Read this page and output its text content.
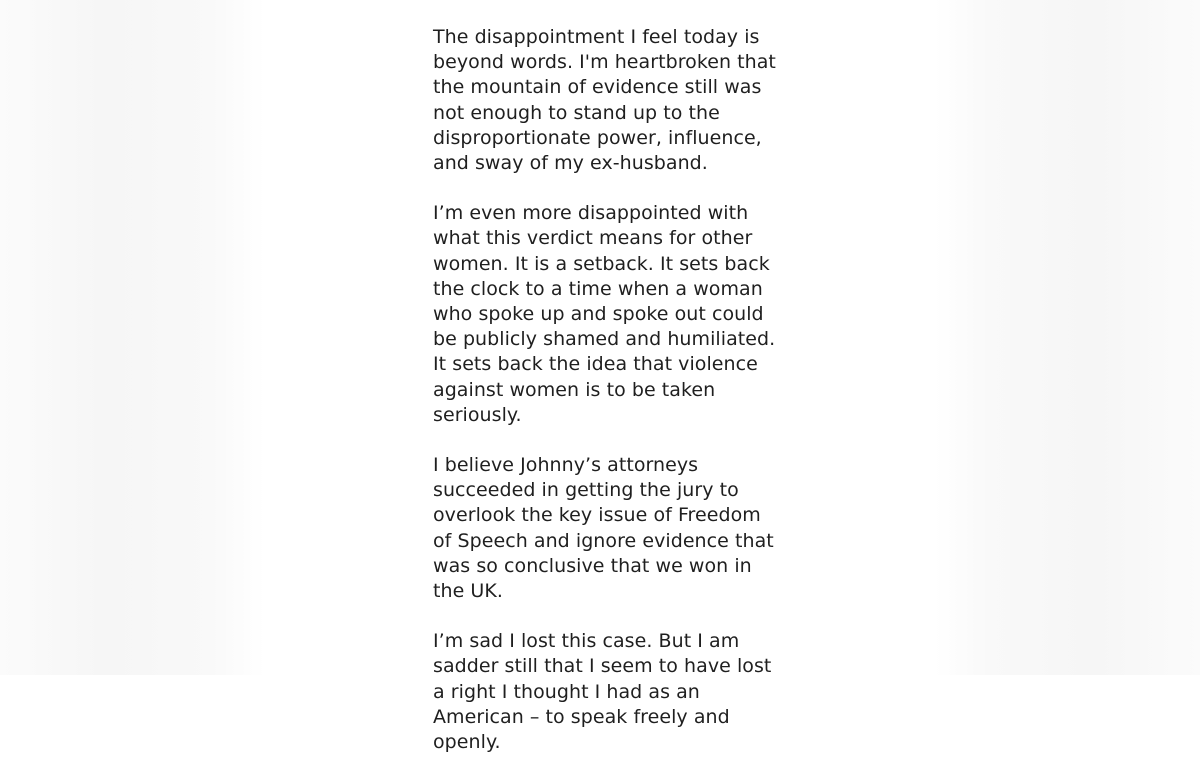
The disappointment I feel today is beyond words. I'm heartbroken that the mountain of evidence still was not enough to stand up to the disproportionate power, influence, and sway of my ex-husband.

I’m even more disappointed with what this verdict means for other women. It is a setback. It sets back the clock to a time when a woman who spoke up and spoke out could be publicly shamed and humiliated. It sets back the idea that violence against women is to be taken seriously.

I believe Johnny’s attorneys succeeded in getting the jury to overlook the key issue of Freedom of Speech and ignore evidence that was so conclusive that we won in the UK.

I’m sad I lost this case. But I am sadder still that I seem to have lost a right I thought I had as an American – to speak freely and openly.
